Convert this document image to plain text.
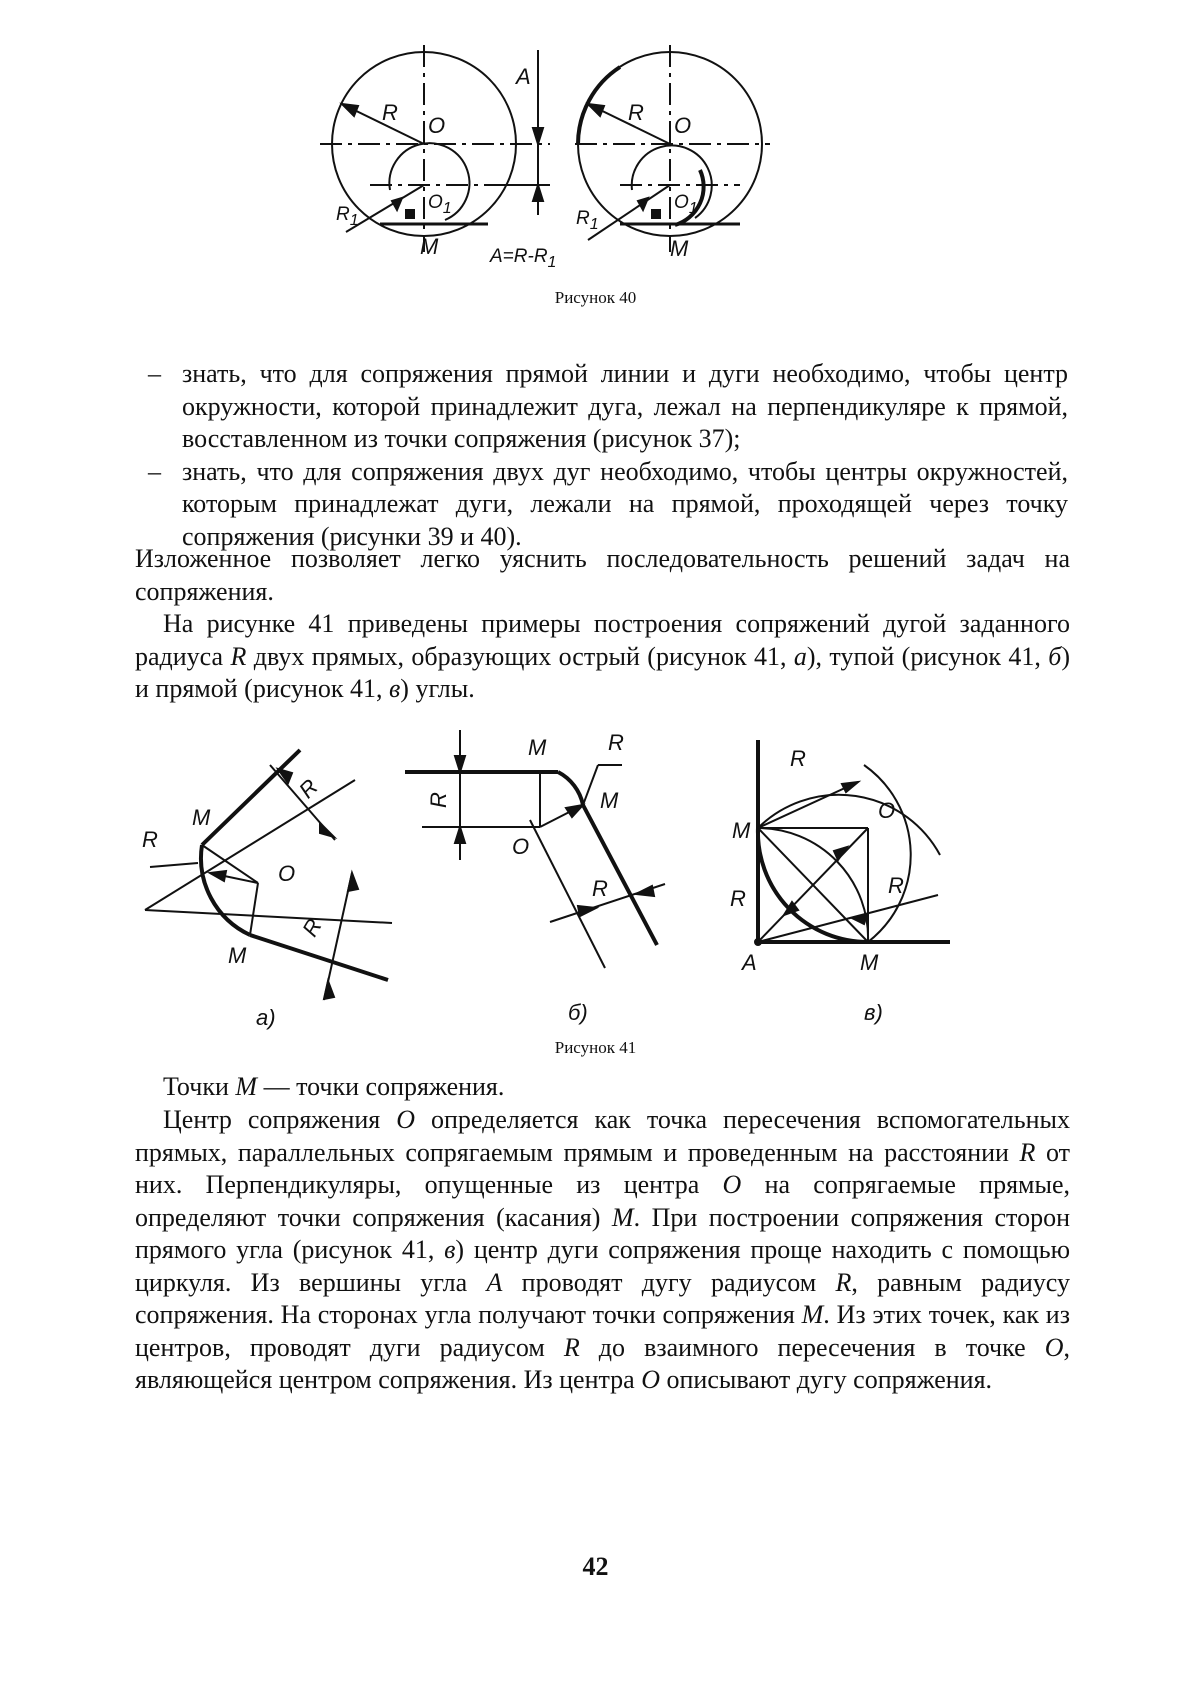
R
O
$O_1$
$R_1$
M
A
$A=R-R_1$
R
O
$O_1$
$R_1$
M
Рисунок 40
– знать, что для сопряжения прямой линии и дуги необходимо, чтобы центр окружности, которой принадлежит дуга, лежал на перпендикуляре к прямой, восставленном из точки сопряжения (рисунок 37);
– знать, что для сопряжения двух дуг необходимо, чтобы центры окружностей, которым принадлежат дуги, лежали на прямой, проходящей через точку сопряжения (рисунки 39 и 40).
Изложенное позволяет легко уяснить последовательность решений задач на сопряжения.
На рисунке 41 приведены примеры построения сопряжений дугой заданного радиуса R двух прямых, образующих острый (рисунок 41, а), тупой (рисунок 41, б) и прямой (рисунок 41, в) углы.
R
M
O
M
R
R
a)
M	R
M
O
R
R
б)
R
O
M
R
R
A	M
в)
Рисунок 41
Точки М — точки сопряжения.
Центр сопряжения О определяется как точка пересечения вспомогательных прямых, параллельных сопрягаемым прямым и проведенным на расстоянии R от них. Перпендикуляры, опущенные из центра О на сопрягаемые прямые, определяют точки сопряжения (касания) М. При построении сопряжения сторон прямого угла (рисунок 41, в) центр дуги сопряжения проще находить с помощью циркуля. Из вершины угла А проводят дугу радиусом R, равным радиусу сопряжения. На сторонах угла получают точки сопряжения М. Из этих точек, как из центров, проводят дуги радиусом R до взаимного пересечения в точке О, являющейся центром сопряжения. Из центра О описывают дугу сопряжения.
42
